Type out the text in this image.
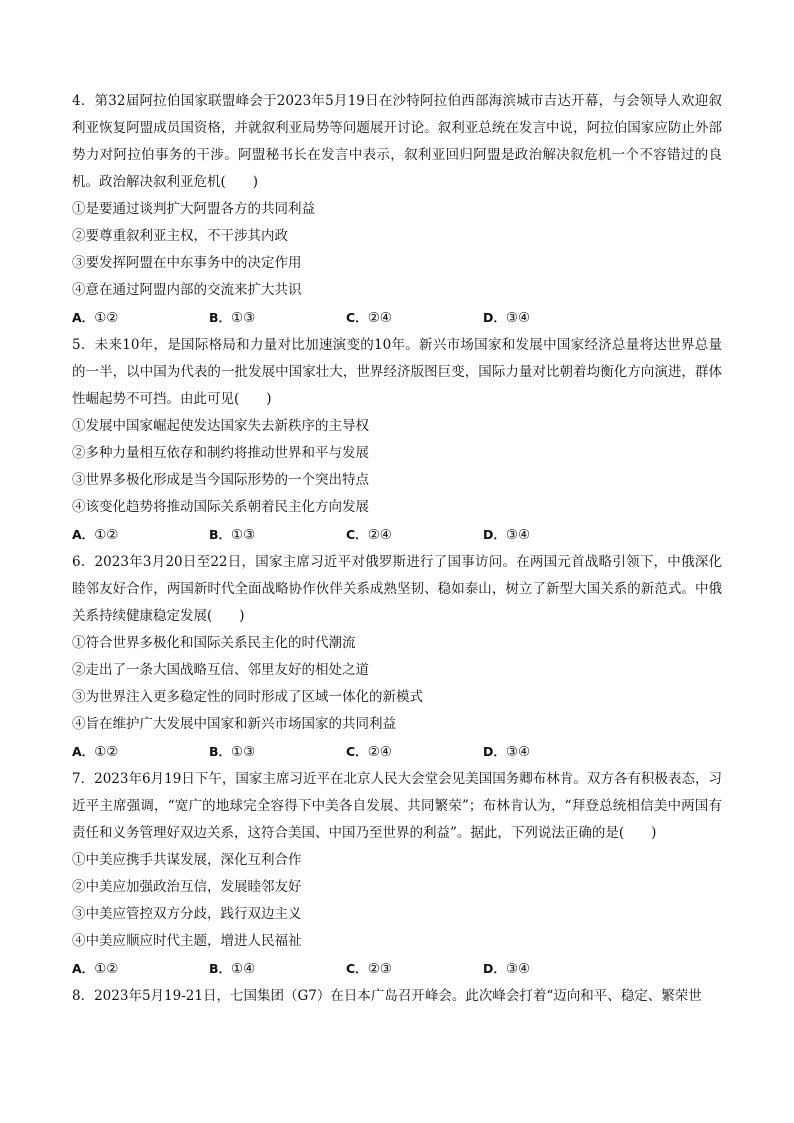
4．第32届阿拉伯国家联盟峰会于2023年5月19日在沙特阿拉伯西部海滨城市吉达开幕，与会领导人欢迎叙利亚恢复阿盟成员国资格，并就叙利亚局势等问题展开讨论。叙利亚总统在发言中说，阿拉伯国家应防止外部势力对阿拉伯事务的干涉。阿盟秘书长在发言中表示，叙利亚回归阿盟是政治解决叙危机一个不容错过的良机。政治解决叙利亚危机(　　)

①是要通过谈判扩大阿盟各方的共同利益
②要尊重叙利亚主权，不干涉其内政
③要发挥阿盟在中东事务中的决定作用
④意在通过阿盟内部的交流来扩大共识
A．①②	B．①③	C．②④	D．③④

5．未来10年，是国际格局和力量对比加速演变的10年。新兴市场国家和发展中国家经济总量将达世界总量的一半，以中国为代表的一批发展中国家壮大，世界经济版图巨变，国际力量对比朝着均衡化方向演进，群体性崛起势不可挡。由此可见(　　)

①发展中国家崛起使发达国家失去新秩序的主导权
②多种力量相互依存和制约将推动世界和平与发展
③世界多极化形成是当今国际形势的一个突出特点
④该变化趋势将推动国际关系朝着民主化方向发展
A．①②	B．①③	C．②④	D．③④

6．2023年3月20日至22日，国家主席习近平对俄罗斯进行了国事访问。在两国元首战略引领下，中俄深化睦邻友好合作，两国新时代全面战略协作伙伴关系成熟坚韧、稳如泰山，树立了新型大国关系的新范式。中俄关系持续健康稳定发展(　　)

①符合世界多极化和国际关系民主化的时代潮流
②走出了一条大国战略互信、邻里友好的相处之道
③为世界注入更多稳定性的同时形成了区域一体化的新模式
④旨在维护广大发展中国家和新兴市场国家的共同利益
A．①②	B．①③	C．②④	D．③④

7．2023年6月19日下午，国家主席习近平在北京人民大会堂会见美国国务卿布林肯。双方各有积极表态，习近平主席强调，“宽广的地球完全容得下中美各自发展、共同繁荣”；布林肯认为，“拜登总统相信美中两国有责任和义务管理好双边关系，这符合美国、中国乃至世界的利益”。据此，下列说法正确的是(　　)

①中美应携手共谋发展，深化互利合作
②中美应加强政治互信，发展睦邻友好
③中美应管控双方分歧，践行双边主义
④中美应顺应时代主题，增进人民福祉
A．①②	B．①④	C．②③	D．③④

8．2023年5月19-21日，七国集团（G7）在日本广岛召开峰会。此次峰会打着“迈向和平、稳定、繁荣世
